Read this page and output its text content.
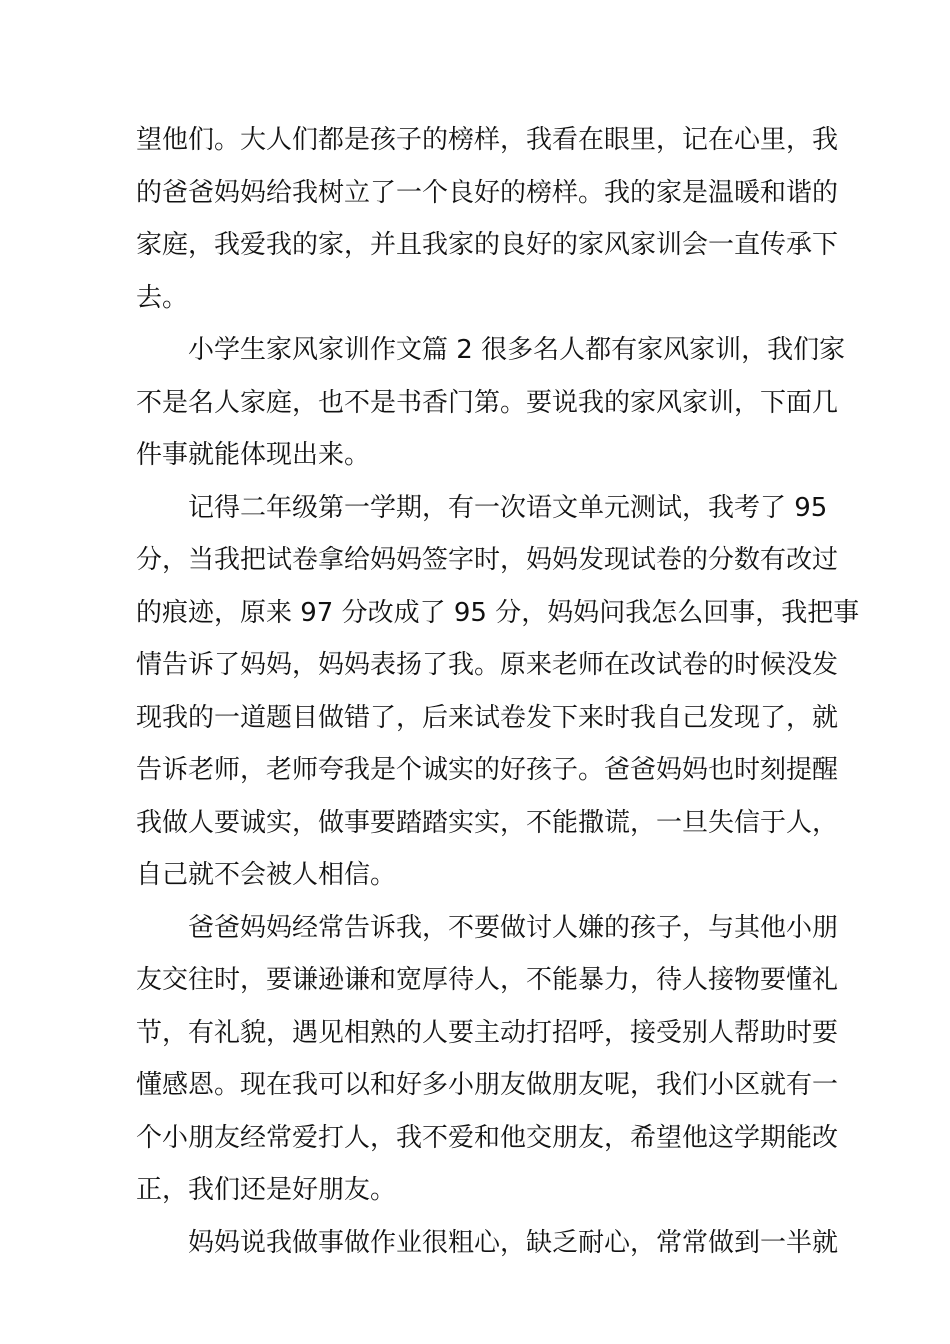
望他们。大人们都是孩子的榜样，我看在眼里，记在心里，我
的爸爸妈妈给我树立了一个良好的榜样。我的家是温暖和谐的
家庭，我爱我的家，并且我家的良好的家风家训会一直传承下
去。
小学生家风家训作文篇 2 很多名人都有家风家训，我们家
不是名人家庭，也不是书香门第。要说我的家风家训，下面几
件事就能体现出来。
记得二年级第一学期，有一次语文单元测试，我考了 95
分，当我把试卷拿给妈妈签字时，妈妈发现试卷的分数有改过
的痕迹，原来 97 分改成了 95 分，妈妈问我怎么回事，我把事
情告诉了妈妈，妈妈表扬了我。原来老师在改试卷的时候没发
现我的一道题目做错了，后来试卷发下来时我自己发现了，就
告诉老师，老师夸我是个诚实的好孩子。爸爸妈妈也时刻提醒
我做人要诚实，做事要踏踏实实，不能撒谎，一旦失信于人，
自己就不会被人相信。
爸爸妈妈经常告诉我，不要做讨人嫌的孩子，与其他小朋
友交往时，要谦逊谦和宽厚待人，不能暴力，待人接物要懂礼
节，有礼貌，遇见相熟的人要主动打招呼，接受别人帮助时要
懂感恩。现在我可以和好多小朋友做朋友呢，我们小区就有一
个小朋友经常爱打人，我不爱和他交朋友，希望他这学期能改
正，我们还是好朋友。
妈妈说我做事做作业很粗心，缺乏耐心，常常做到一半就
